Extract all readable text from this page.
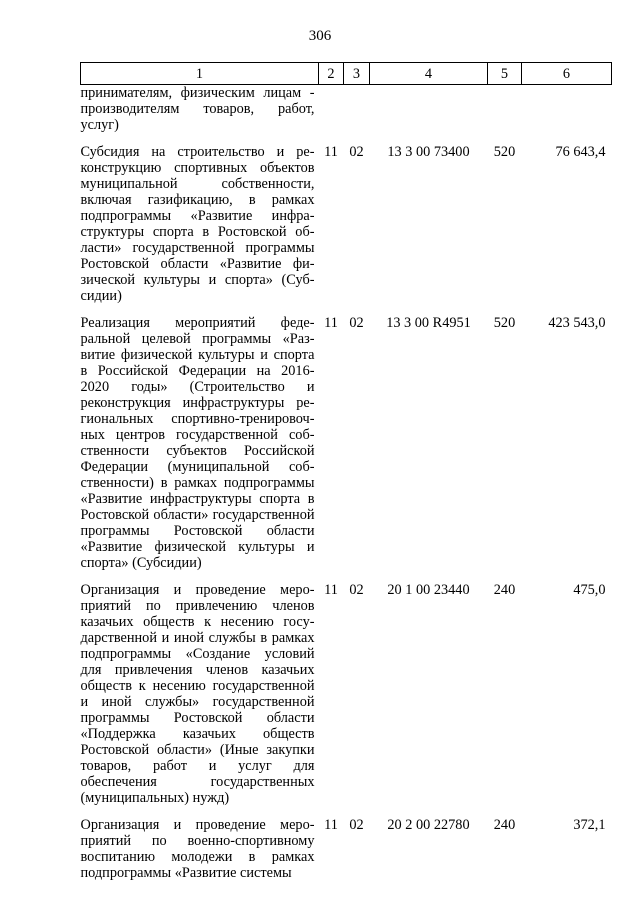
306
1	2	3	4	5	6
принимателям, физическим лицам - производителям товаров, работ, услуг)					

Субсидия на строительство и реконструкцию спортивных объектов муниципальной собственности, включая газификацию, в рамках подпрограммы «Развитие инфраструктуры спорта в Ростовской области» государственной программы Ростовской области «Развитие физической культуры и спорта» (Субсидии)	11	02	13 3 00 73400	520	76 643,4

Реализация мероприятий федеральной целевой программы «Развитие физической культуры и спорта в Российской Федерации на 2016-2020 годы» (Строительство и реконструкция инфраструктуры региональных спортивно-тренировочных центров государственной собственности субъектов Российской Федерации (муниципальной собственности) в рамках подпрограммы «Развитие инфраструктуры спорта в Ростовской области» государственной программы Ростовской области «Развитие физической культуры и спорта» (Субсидии)	11	02	13 3 00 R4951	520	423 543,0

Организация и проведение мероприятий по привлечению членов казачьих обществ к несению государственной и иной службы в рамках подпрограммы «Создание условий для привлечения членов казачьих обществ к несению государственной и иной службы» государственной программы Ростовской области «Поддержка казачьих обществ Ростовской области» (Иные закупки товаров, работ и услуг для обеспечения государственных (муниципальных) нужд)	11	02	20 1 00 23440	240	475,0

Организация и проведение мероприятий по военно-спортивному воспитанию молодежи в рамках подпрограммы «Развитие системы	11	02	20 2 00 22780	240	372,1
